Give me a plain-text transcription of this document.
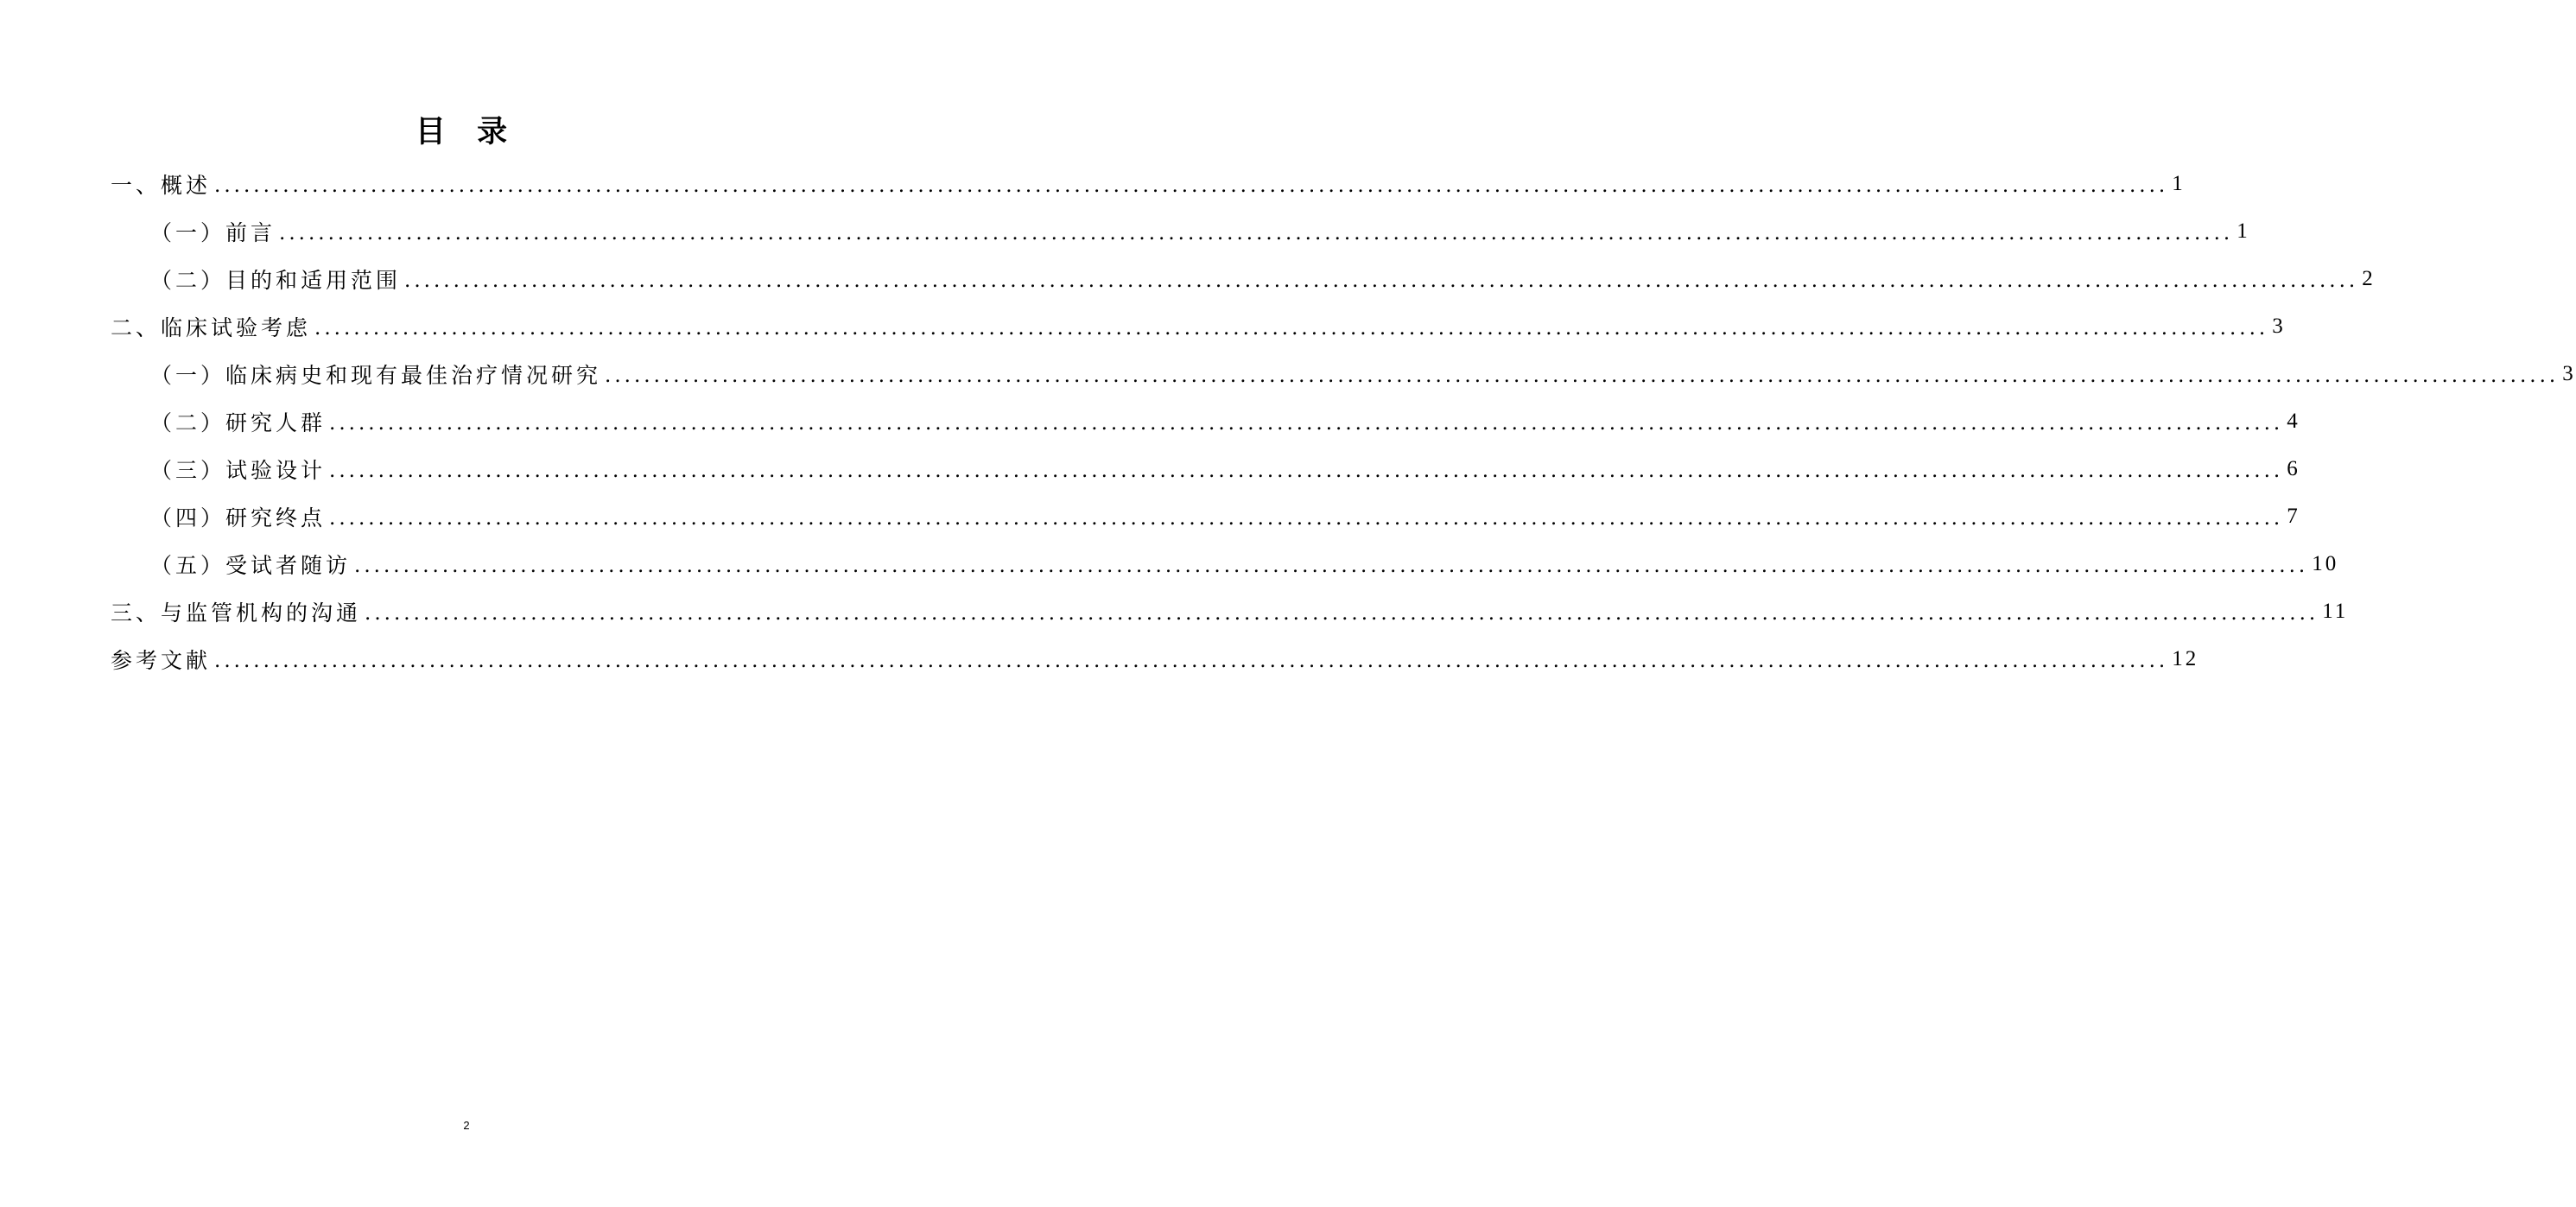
目 录
一、概述 ........................................................................................................................................................................................................ 1
（一）前言 ........................................................................................................................................................................................................ 1
（二）目的和适用范围 ........................................................................................................................................................................................................ 2
二、临床试验考虑 ........................................................................................................................................................................................................ 3
（一）临床病史和现有最佳治疗情况研究 ........................................................................................................................................................................................................ 3
（二）研究人群 ........................................................................................................................................................................................................ 4
（三）试验设计 ........................................................................................................................................................................................................ 6
（四）研究终点 ........................................................................................................................................................................................................ 7
（五）受试者随访 ........................................................................................................................................................................................................ 10
三、与监管机构的沟通 ........................................................................................................................................................................................................ 11
参考文献 ........................................................................................................................................................................................................ 12
2
